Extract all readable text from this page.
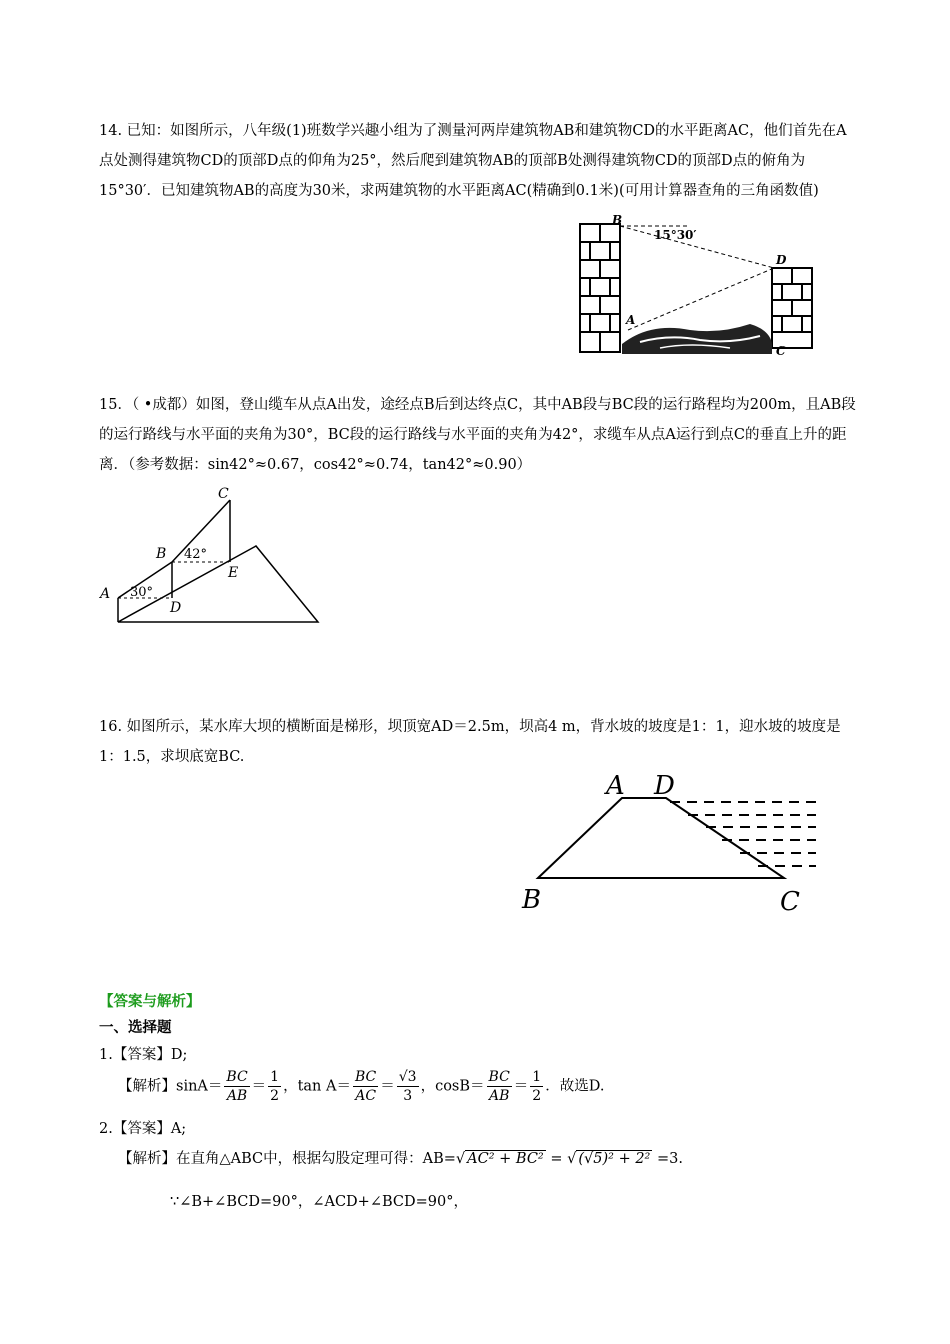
14. 已知：如图所示，八年级(1)班数学兴趣小组为了测量河两岸建筑物AB和建筑物CD的水平距离AC，他们首先在A点处测得建筑物CD的顶部D点的仰角为25°，然后爬到建筑物AB的顶部B处测得建筑物CD的顶部D点的俯角为15°30′．已知建筑物AB的高度为30米，求两建筑物的水平距离AC(精确到0.1米)(可用计算器查角的三角函数值)
B
15°30′
D
A
C
15．（ •成都）如图，登山缆车从点A出发，途经点B后到达终点C，其中AB段与BC段的运行路程均为200m，且AB段的运行路线与水平面的夹角为30°，BC段的运行路线与水平面的夹角为42°，求缆车从点A运行到点C的垂直上升的距离．（参考数据：sin42°≈0.67，cos42°≈0.74，tan42°≈0.90）
A
B
C
D
E
30°
42°
16. 如图所示，某水库大坝的横断面是梯形，坝顶宽AD＝2.5m，坝高4 m，背水坡的坡度是1：1，迎水坡的坡度是1：1.5，求坝底宽BC.
A D
B	C
【答案与解析】
一、选择题
1.【答案】D;
【解析】$\sin A= \frac{BC}{AB} = \frac{1}{2}$ ，$\tan A= \frac{BC}{AC} = \frac{√3}{3}$ ，$\cos B= \frac{BC}{AB} = \frac{1}{2}$ ．故选D.
2.【答案】A;
【解析】在直角△ABC中，根据勾股定理可得：AB=√ AC² + BC² = √ (√5)² + 2² =3.
∵∠B+∠BCD=90°，∠ACD+∠BCD=90°，
